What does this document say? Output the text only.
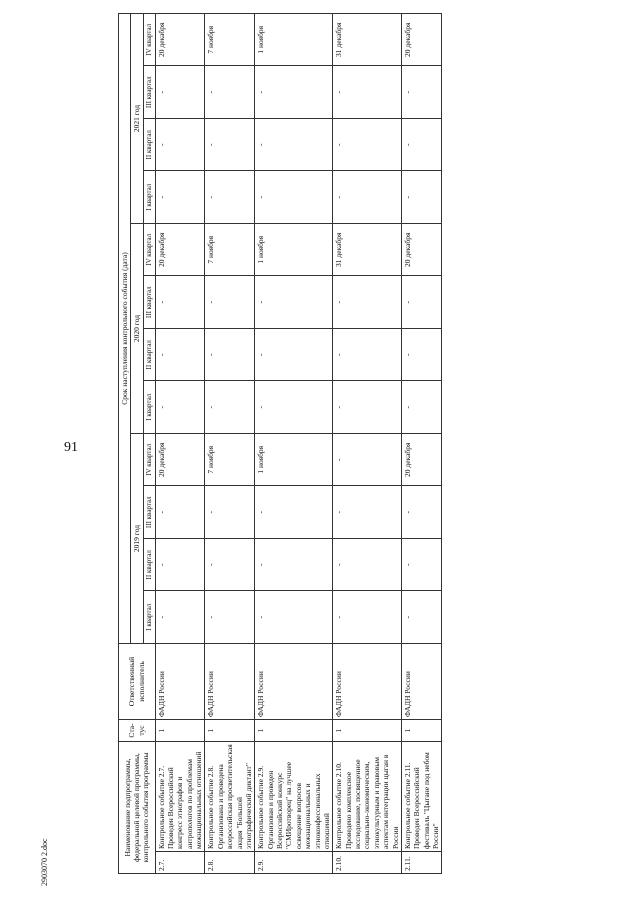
91
2903070 2.doc
Наименование подпрограммы, федеральной целевой программы, контрольного события программы		Ста-тус	Ответственный исполнитель	Срок наступления контрольного события (дата)											
				2019 год				2020 год				2021 год			
				I квартал	II квартал	III квартал	IV квартал	I квартал	II квартал	III квартал	IV квартал	I квартал	II квартал	III квартал	IV квартал
2.7.	Контрольное событие 2.7. Проведен Всероссийский конгресс этнографов и антропологов по проблемам межнациональных отношений	1	ФАДН России	-	-	-	20 декабря	-	-	-	20 декабря	-	-	-	20 декабря
2.8.	Контрольное событие 2.8. Организована и проведена всероссийская просветительская акция "Большой этнографический диктант"	1	ФАДН России	-	-	-	7 ноября	-	-	-	7 ноября	-	-	-	7 ноября
2.9.	Контрольное событие 2.9. Организован и проведен Всероссийский конкурс "СМИротворец" на лучшее освещение вопросов межнациональных и этноконфессиональных отношений	1	ФАДН России	-	-	-	1 ноября	-	-	-	1 ноября	-	-	-	1 ноября
2.10.	Контрольное событие 2.10. Проведено комплексное исследование, посвященное социально-экономическим, этнокультурным и правовым аспектам интеграции цыган в России	1	ФАДН России	-	-	-	-	-	-	-	31 декабря	-	-	-	31 декабря
2.11.	Контрольное событие 2.11. Проведен Всероссийский фестиваль "Цыгане под небом России"	1	ФАДН России	-	-	-	20 декабря	-	-	-	20 декабря	-	-	-	20 декабря
